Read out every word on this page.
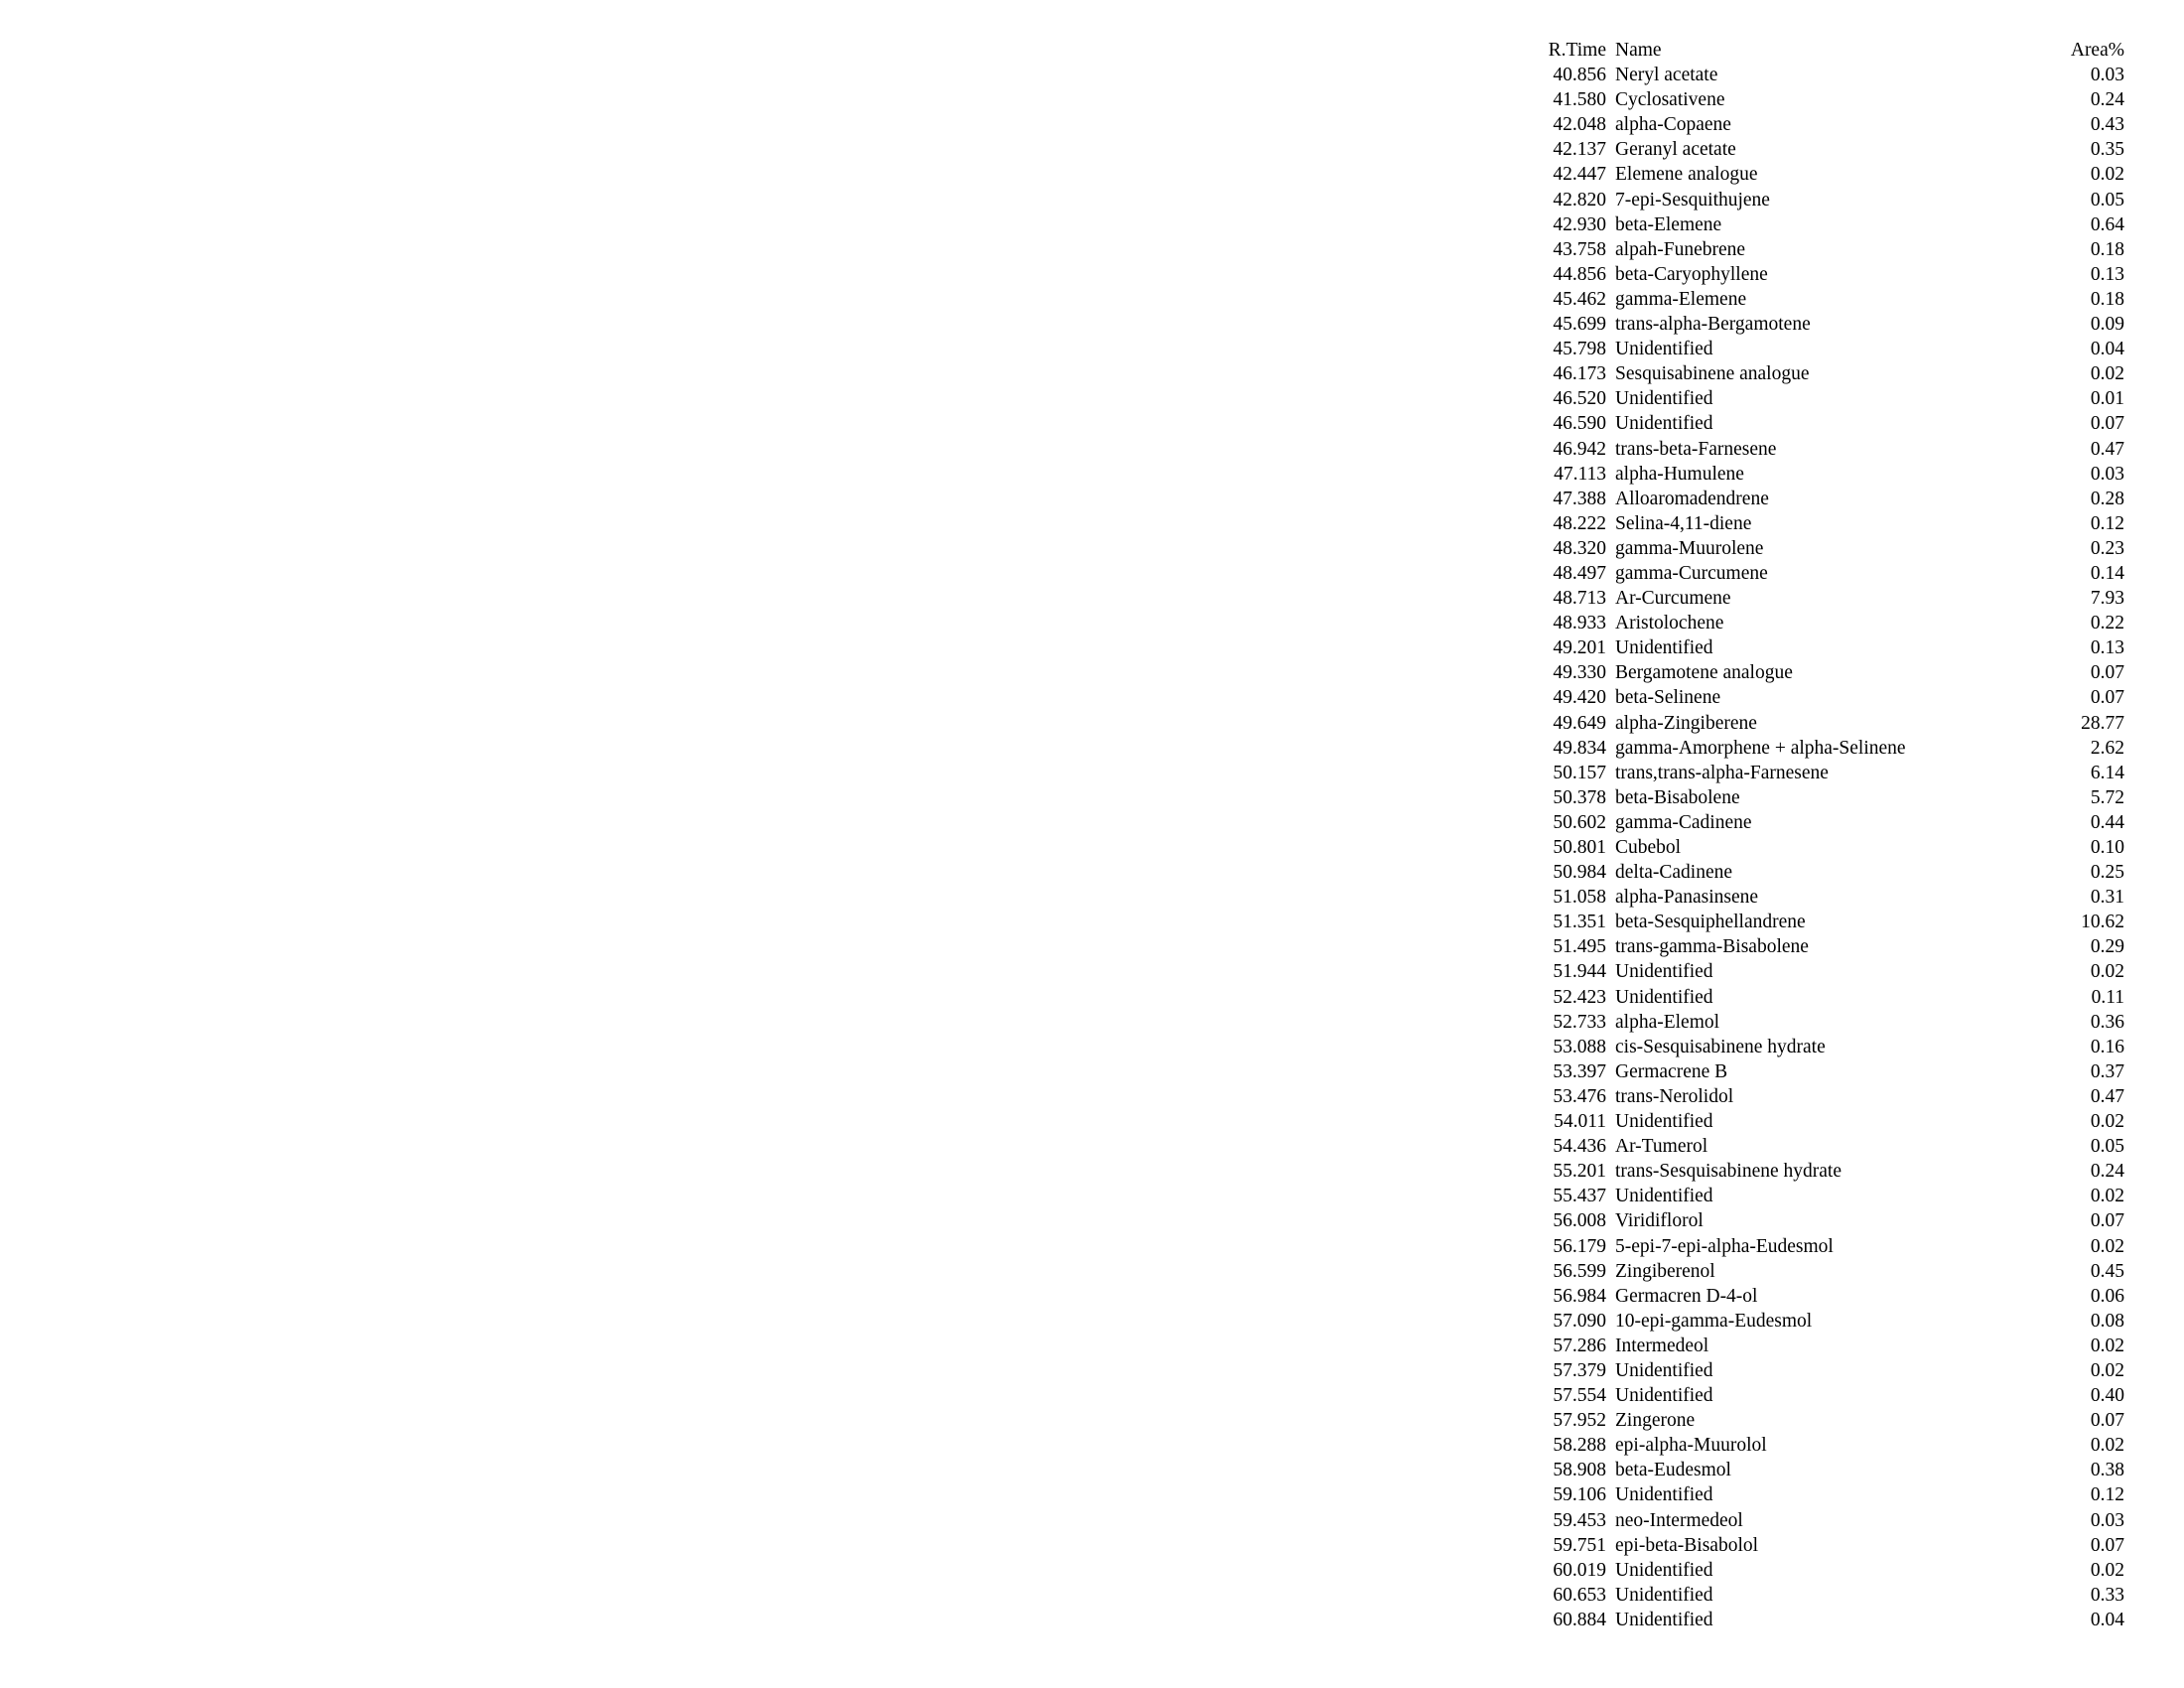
R.Time Name	Area%
40.856 Neryl acetate	0.03
41.580 Cyclosativene	0.24
42.048 alpha-Copaene	0.43
42.137 Geranyl acetate	0.35
42.447 Elemene analogue	0.02
42.820 7-epi-Sesquithujene	0.05
42.930 beta-Elemene	0.64
43.758 alpah-Funebrene	0.18
44.856 beta-Caryophyllene	0.13
45.462 gamma-Elemene	0.18
45.699 trans-alpha-Bergamotene	0.09
45.798 Unidentified	0.04
46.173 Sesquisabinene analogue	0.02
46.520 Unidentified	0.01
46.590 Unidentified	0.07
46.942 trans-beta-Farnesene	0.47
47.113 alpha-Humulene	0.03
47.388 Alloaromadendrene	0.28
48.222 Selina-4,11-diene	0.12
48.320 gamma-Muurolene	0.23
48.497 gamma-Curcumene	0.14
48.713 Ar-Curcumene	7.93
48.933 Aristolochene	0.22
49.201 Unidentified	0.13
49.330 Bergamotene analogue	0.07
49.420 beta-Selinene	0.07
49.649 alpha-Zingiberene	28.77
49.834 gamma-Amorphene + alpha-Selinene	2.62
50.157 trans,trans-alpha-Farnesene	6.14
50.378 beta-Bisabolene	5.72
50.602 gamma-Cadinene	0.44
50.801 Cubebol	0.10
50.984 delta-Cadinene	0.25
51.058 alpha-Panasinsene	0.31
51.351 beta-Sesquiphellandrene	10.62
51.495 trans-gamma-Bisabolene	0.29
51.944 Unidentified	0.02
52.423 Unidentified	0.11
52.733 alpha-Elemol	0.36
53.088 cis-Sesquisabinene hydrate	0.16
53.397 Germacrene B	0.37
53.476 trans-Nerolidol	0.47
54.011 Unidentified	0.02
54.436 Ar-Tumerol	0.05
55.201 trans-Sesquisabinene hydrate	0.24
55.437 Unidentified	0.02
56.008 Viridiflorol	0.07
56.179 5-epi-7-epi-alpha-Eudesmol	0.02
56.599 Zingiberenol	0.45
56.984 Germacren D-4-ol	0.06
57.090 10-epi-gamma-Eudesmol	0.08
57.286 Intermedeol	0.02
57.379 Unidentified	0.02
57.554 Unidentified	0.40
57.952 Zingerone	0.07
58.288 epi-alpha-Muurolol	0.02
58.908 beta-Eudesmol	0.38
59.106 Unidentified	0.12
59.453 neo-Intermedeol	0.03
59.751 epi-beta-Bisabolol	0.07
60.019 Unidentified	0.02
60.653 Unidentified	0.33
60.884 Unidentified	0.04
